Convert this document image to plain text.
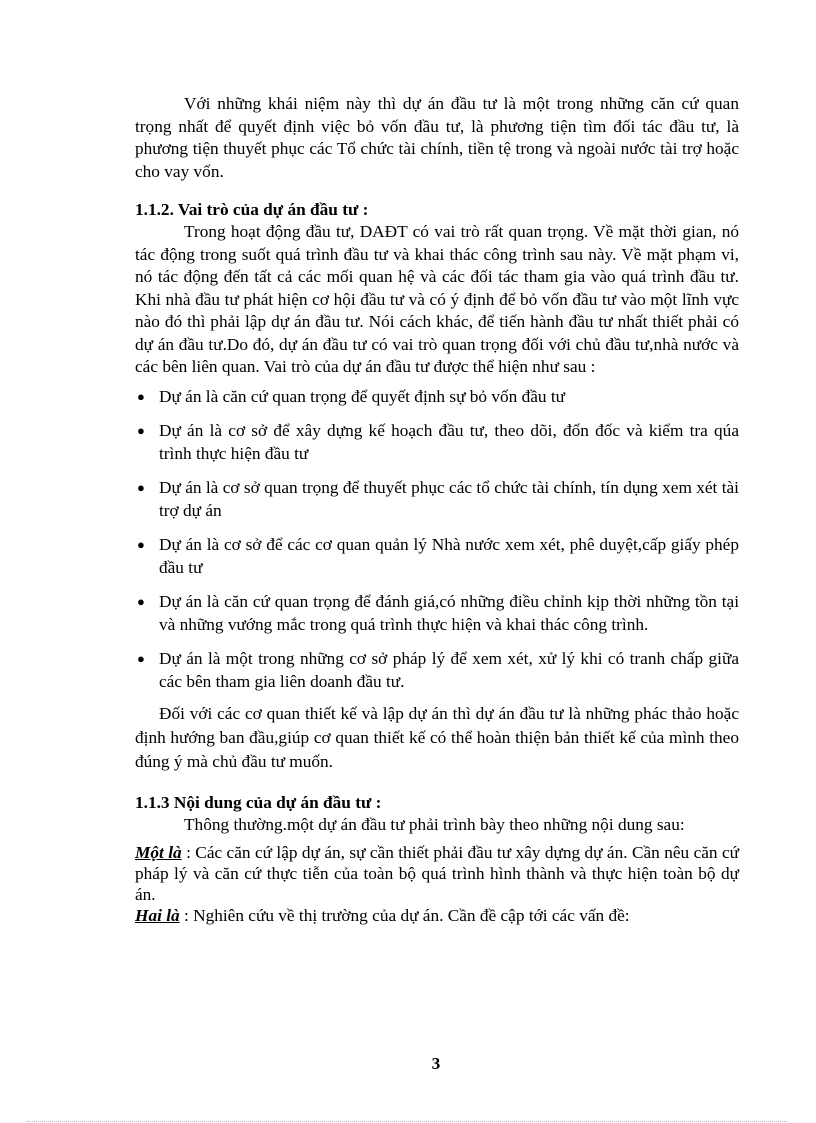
Với những khái niệm này thì dự án đầu tư là một trong những căn cứ quan trọng nhất để quyết định việc bỏ vốn đầu tư, là phương tiện tìm đối tác đầu tư, là phương tiện thuyết phục các Tổ chức tài chính, tiền tệ trong và ngoài nước tài trợ hoặc cho vay vốn.

1.1.2. Vai trò của dự án đầu tư :

Trong hoạt động đầu tư, DAĐT có vai trò rất quan trọng. Về mặt thời gian, nó tác động trong suốt quá trình đầu tư và khai thác công trình sau này. Về mặt phạm vi, nó tác động đến tất cả các mối quan hệ và các đối tác tham gia vào quá trình đầu tư. Khi nhà đầu tư phát hiện cơ hội đầu tư và có ý định để bỏ vốn đầu tư vào một lĩnh vực nào đó thì phải lập dự án đầu tư. Nói cách khác, để tiến hành đầu tư nhất thiết phải có dự án đầu tư.Do đó, dự án đầu tư có vai trò quan trọng đối với chủ đầu tư,nhà nước và các bên liên quan. Vai trò của dự án đầu tư được thể hiện như sau :

● Dự án là căn cứ quan trọng để quyết định sự bỏ vốn đầu tư
● Dự án là cơ sở để xây dựng kế hoạch đầu tư, theo dõi, đốn đốc và kiểm tra qúa trình thực hiện đầu tư
● Dự án là cơ sở quan trọng để thuyết phục các tổ chức tài chính, tín dụng xem xét tài trợ dự án
● Dự án là cơ sở để các cơ quan quản lý Nhà nước xem xét, phê duyệt,cấp giấy phép đầu tư
● Dự án là căn cứ quan trọng để đánh giá,có những điều chỉnh kịp thời những tồn tại và những vướng mắc trong quá trình thực hiện và khai thác công trình.
● Dự án là một trong những cơ sở pháp lý để xem xét, xử lý khi có tranh chấp giữa các bên tham gia liên doanh đầu tư.

Đối với các cơ quan thiết kế và lập dự án thì dự án đầu tư là những phác thảo hoặc định hướng ban đầu,giúp cơ quan thiết kế có thể hoàn thiện bản thiết kế của mình theo đúng ý mà chủ đầu tư muốn.

1.1.3 Nội dung của dự án đầu tư :

Thông thường.một dự án đầu tư phải trình bày theo những nội dung sau:

Một là : Các căn cứ lập dự án, sự cần thiết phải đầu tư xây dựng dự án. Cần nêu căn cứ pháp lý và căn cứ thực tiễn của toàn bộ quá trình hình thành và thực hiện toàn bộ dự án.

Hai là : Nghiên cứu về thị trường của dự án. Cần đề cập tới các vấn đề:

3
